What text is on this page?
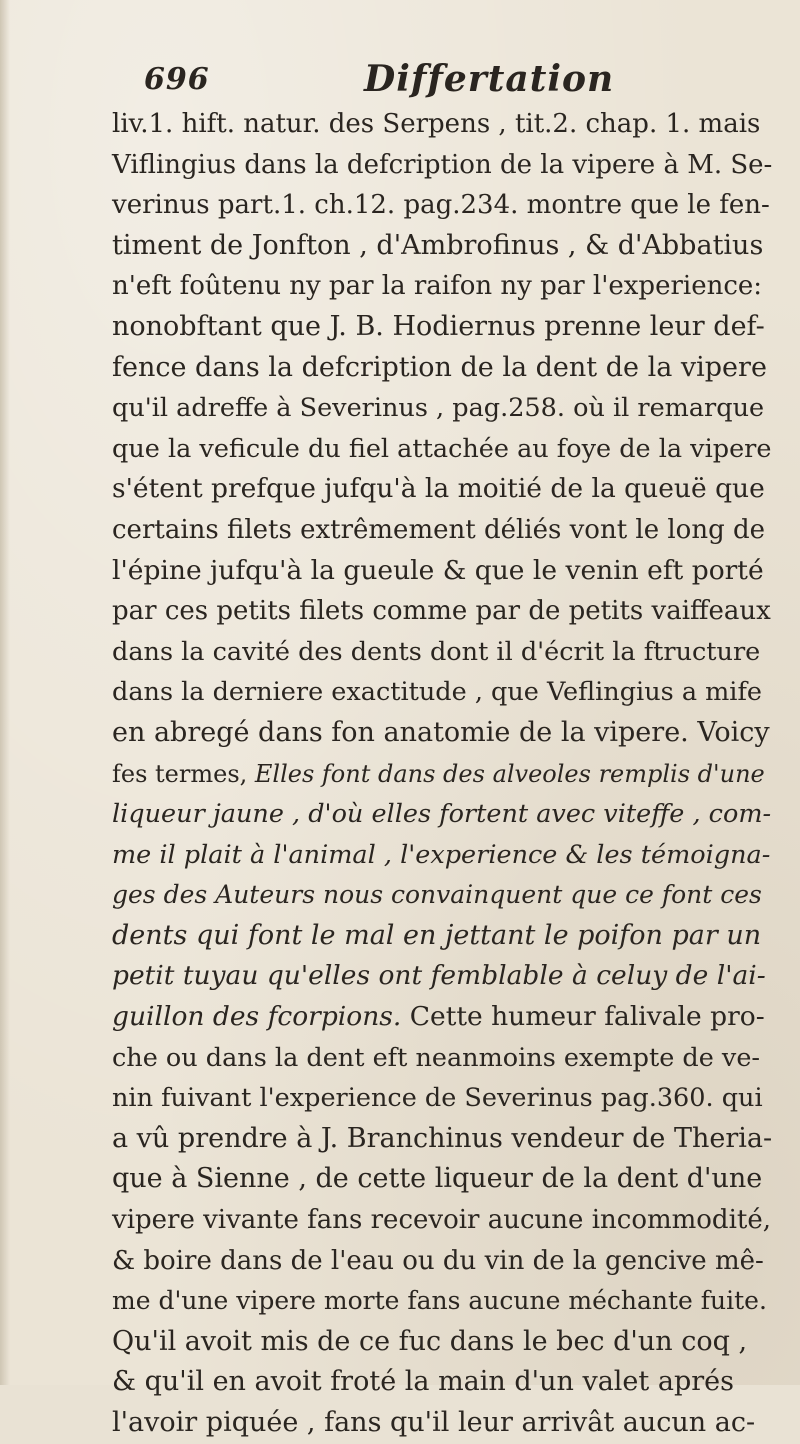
696	Differtation
liv.1. hift. natur. des Serpens , tit.2. chap. 1. mais
Viflingius dans la defcription de la vipere à M. Se-
verinus part.1. ch.12. pag.234. montre que le fen-
timent de Jonfton , d'Ambrofinus , & d'Abbatius
n'eft foûtenu ny par la raifon ny par l'experience:
nonobftant que J. B. Hodiernus prenne leur def-
fence dans la defcription de la dent de la vipere
qu'il adreffe à Severinus , pag.258. où il remarque
que la veficule du fiel attachée au foye de la vipere
s'étent prefque jufqu'à la moitié de la queuë que
certains filets extrêmement déliés vont le long de
l'épine jufqu'à la gueule & que le venin eft porté
par ces petits filets comme par de petits vaiffeaux
dans la cavité des dents dont il d'écrit la ftructure
dans la derniere exactitude , que Veflingius a mife
en abregé dans fon anatomie de la vipere. Voicy
fes termes, Elles font dans des alveoles remplis d'une
liqueur jaune , d'où elles fortent avec viteffe , com-
me il plait à l'animal , l'experience & les témoigna-
ges des Auteurs nous convainquent que ce font ces
dents qui font le mal en jettant le poifon par un
petit tuyau qu'elles ont femblable à celuy de l'ai-
guillon des fcorpions. Cette humeur falivale pro-
che ou dans la dent eft neanmoins exempte de ve-
nin fuivant l'experience de Severinus pag.360. qui
a vû prendre à J. Branchinus vendeur de Theria-
que à Sienne , de cette liqueur de la dent d'une
vipere vivante fans recevoir aucune incommodité,
& boire dans de l'eau ou du vin de la gencive mê-
me d'une vipere morte fans aucune méchante fuite.
Qu'il avoit mis de ce fuc dans le bec d'un coq ,
& qu'il en avoit froté la main d'un valet aprés
l'avoir piquée , fans qu'il leur arrivât aucun ac-
